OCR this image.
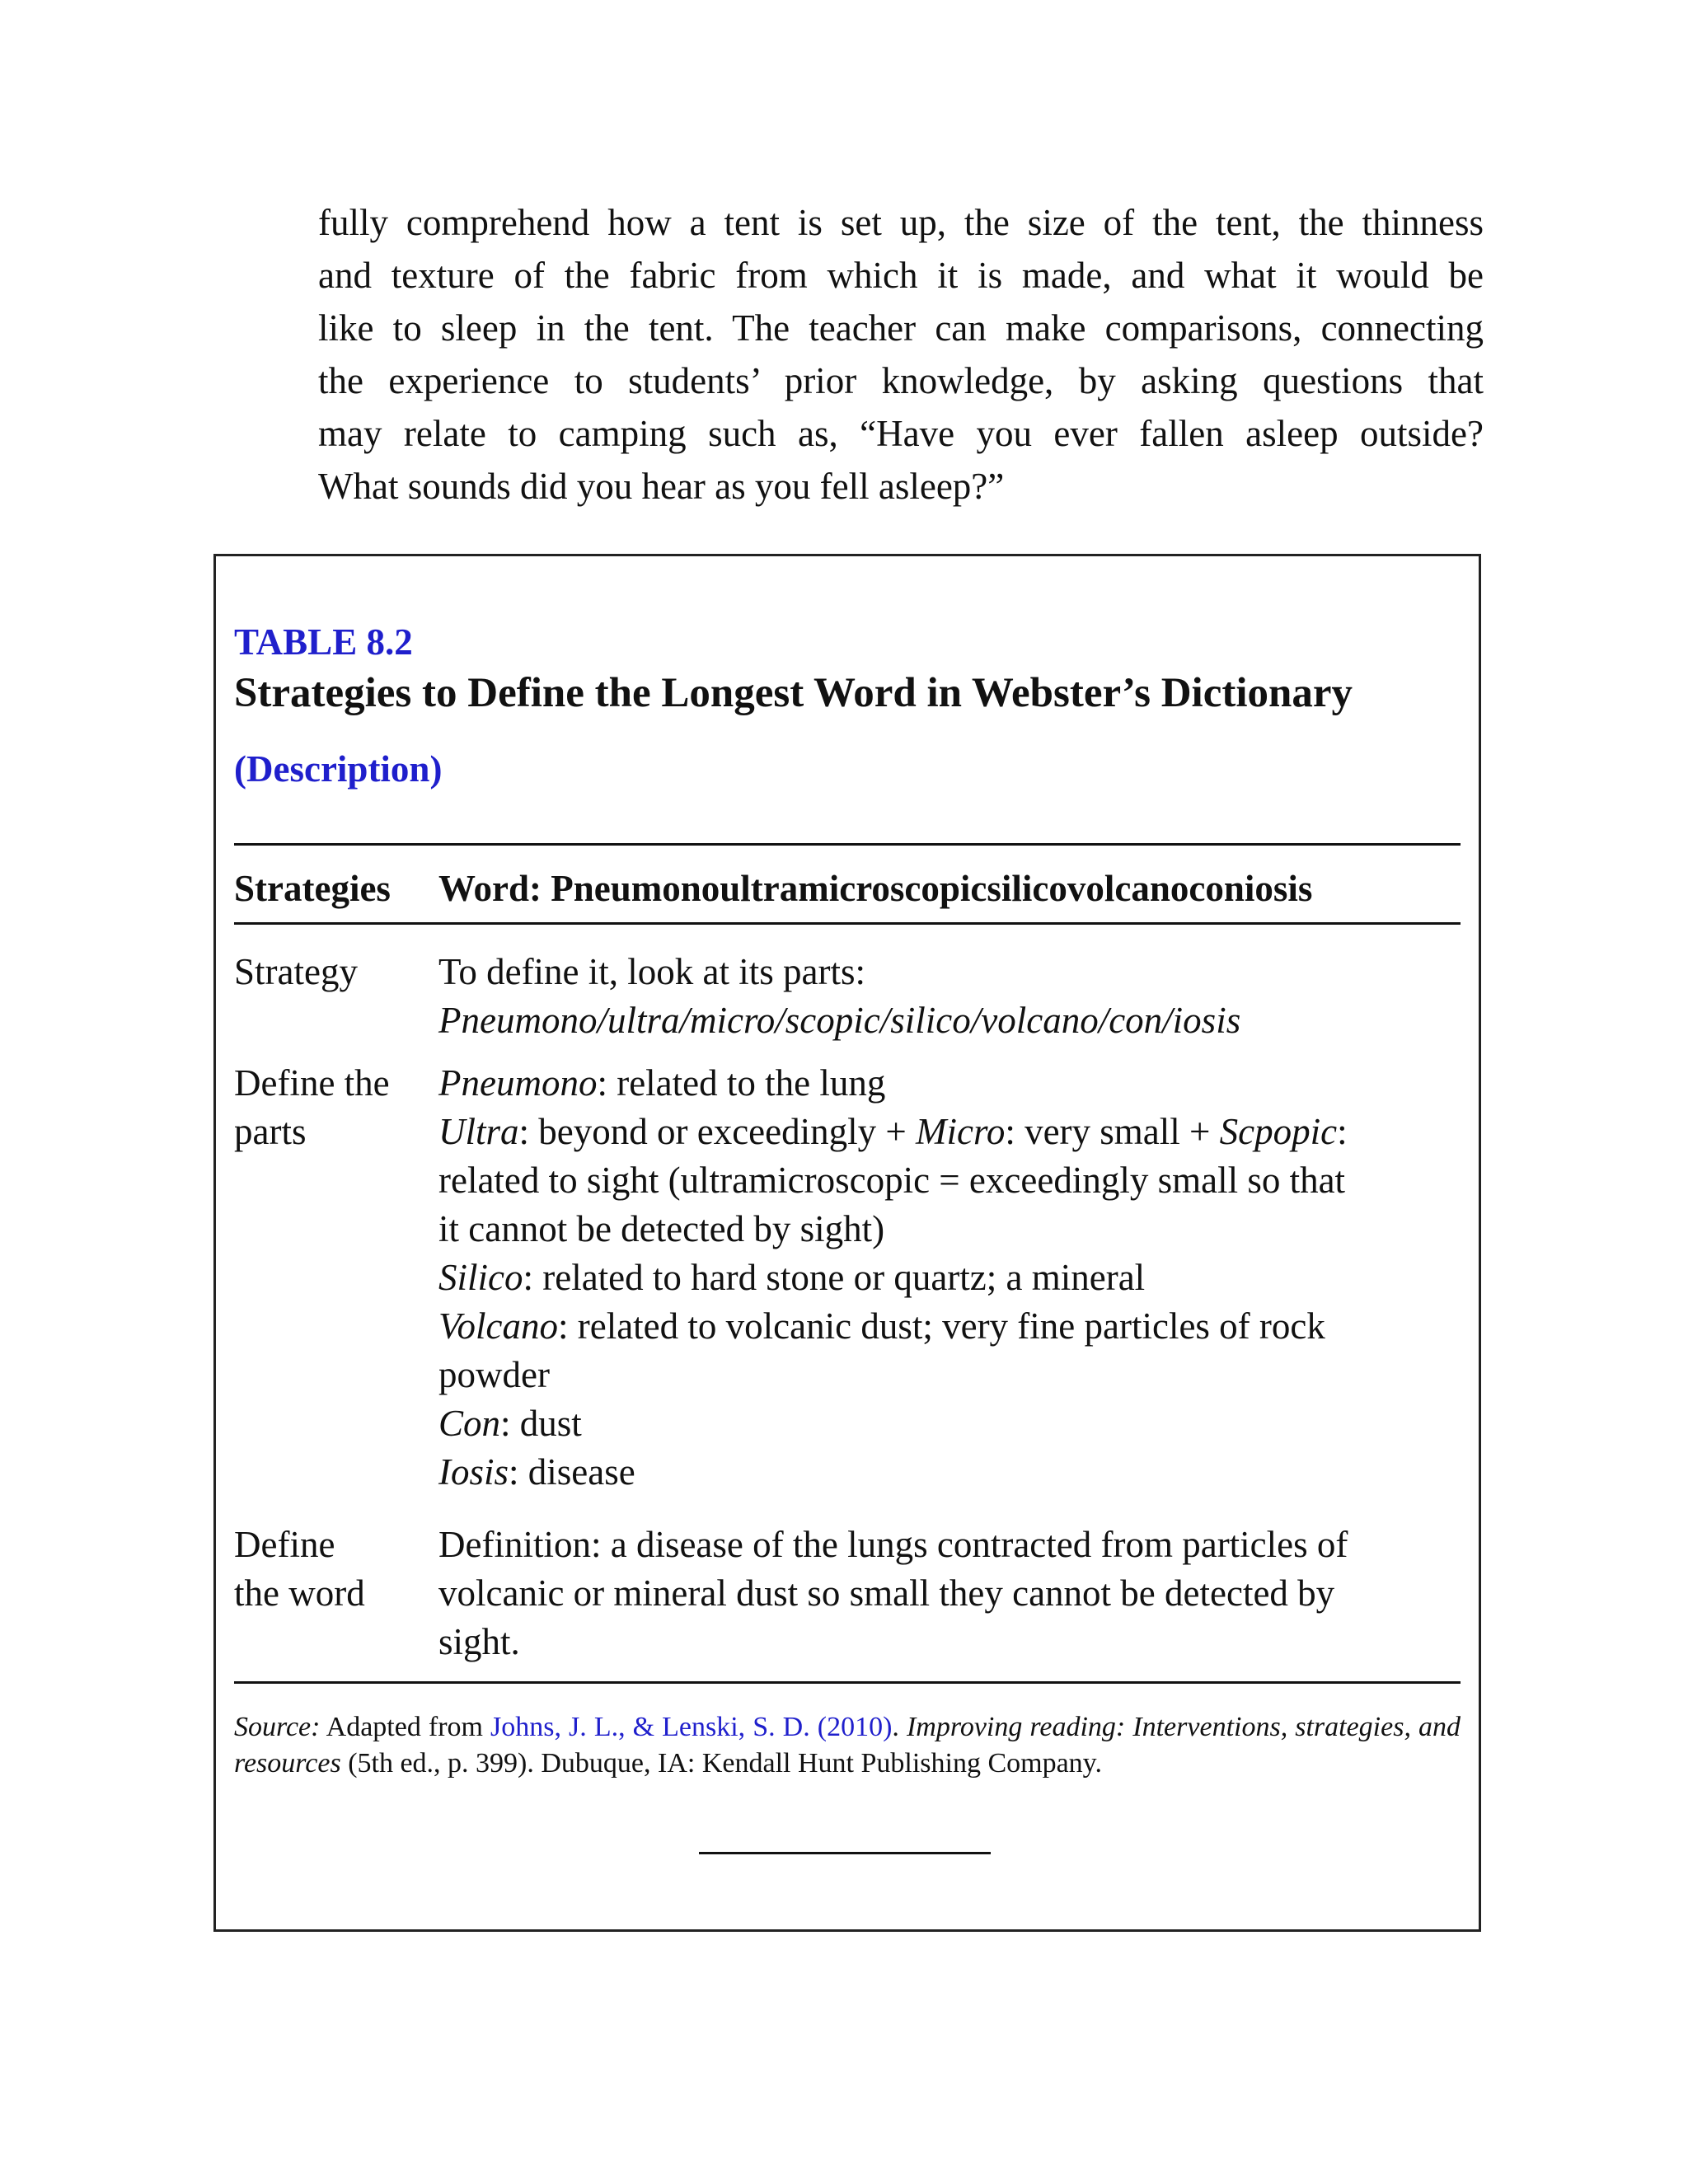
fully comprehend how a tent is set up, the size of the tent, the thinness
and texture of the fabric from which it is made, and what it would be
like to sleep in the tent. The teacher can make comparisons, connecting
the experience to students’ prior knowledge, by asking questions that
may relate to camping such as, “Have you ever fallen asleep outside?
What sounds did you hear as you fell asleep?”

TABLE 8.2

Strategies to Define the Longest Word in Webster’s Dictionary

(Description)

Strategies Word: Pneumonoultramicroscopicsilicovolcanoconiosis

Strategy	To define it, look at its parts:
Pneumono/ultra/micro/scopic/silico/volcano/con/iosis
Define the
parts
Pneumono: related to the lung
Ultra: beyond or exceedingly + Micro: very small + Scpopic:
related to sight (ultramicroscopic = exceedingly small so that
it cannot be detected by sight)
Silico: related to hard stone or quartz; a mineral
Volcano: related to volcanic dust; very fine particles of rock
powder
Con: dust
Iosis: disease
Define
the word
Definition: a disease of the lungs contracted from particles of
volcanic or mineral dust so small they cannot be detected by
sight.

Source: Adapted from Johns, J. L., & Lenski, S. D. (2010). Improving reading: Interventions, strategies, and resources (5th ed., p. 399). Dubuque, IA: Kendall Hunt Publishing Company.
